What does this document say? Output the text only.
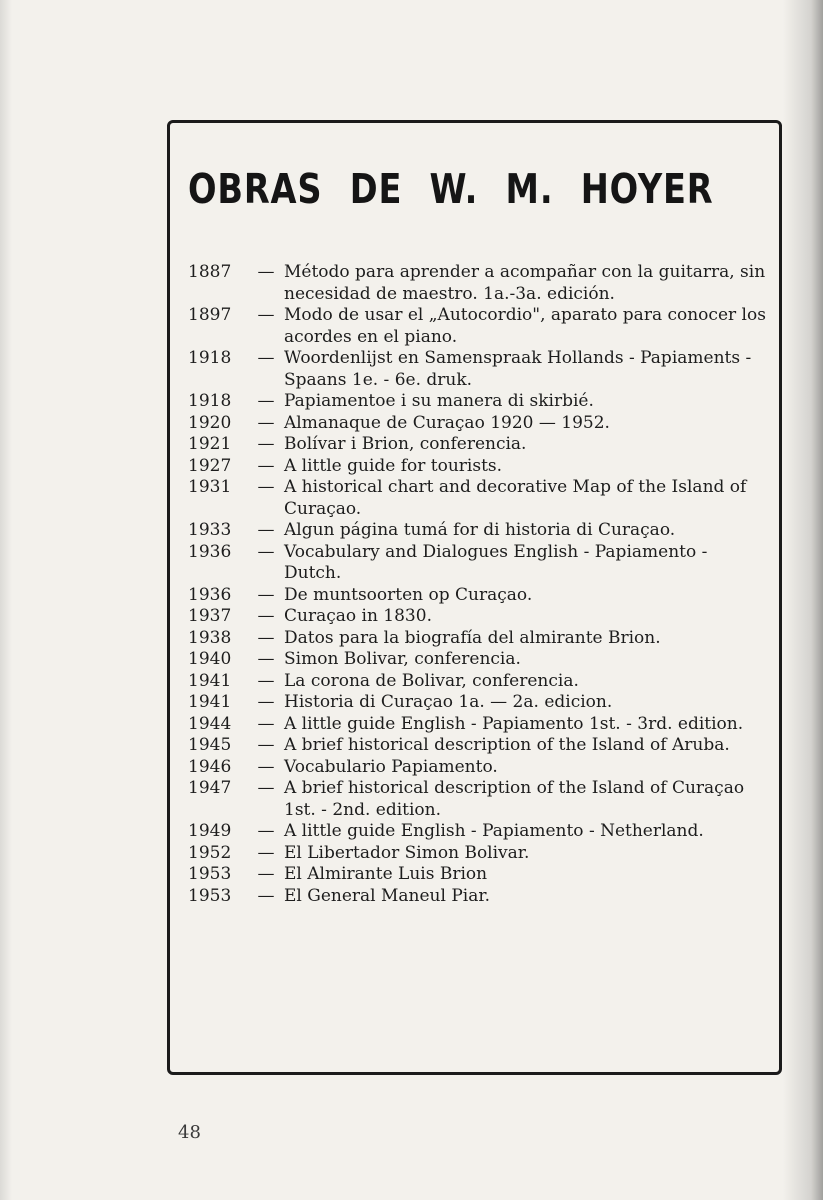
OBRAS DE W. M. HOYER
1887	— Método para aprender a acompañar con la guitarra, sin necesidad de maestro. 1a.-3a. edición.
1897	— Modo de usar el „Autocordio", aparato para conocer los acordes en el piano.
1918	— Woordenlijst en Samenspraak Hollands - Papiaments - Spaans 1e. - 6e. druk.
1918	— Papiamentoe i su manera di skirbié.
1920	— Almanaque de Curaçao 1920 — 1952.
1921	— Bolívar i Brion, conferencia.
1927	— A little guide for tourists.
1931	— A historical chart and decorative Map of the Island of Curaçao.
1933	— Algun página tumá for di historia di Curaçao.
1936	— Vocabulary and Dialogues English - Papiamento - Dutch.
1936	— De muntsoorten op Curaçao.
1937	— Curaçao in 1830.
1938	— Datos para la biografía del almirante Brion.
1940	— Simon Bolivar, conferencia.
1941	— La corona de Bolivar, conferencia.
1941	— Historia di Curaçao 1a. — 2a. edicion.
1944	— A little guide English - Papiamento 1st. - 3rd. edition.
1945	— A brief historical description of the Island of Aruba.
1946	— Vocabulario Papiamento.
1947	— A brief historical description of the Island of Curaçao 1st. - 2nd. edition.
1949	— A little guide English - Papiamento - Netherland.
1952	— El Libertador Simon Bolivar.
1953	— El Almirante Luis Brion
1953	— El General Maneul Piar.
48
